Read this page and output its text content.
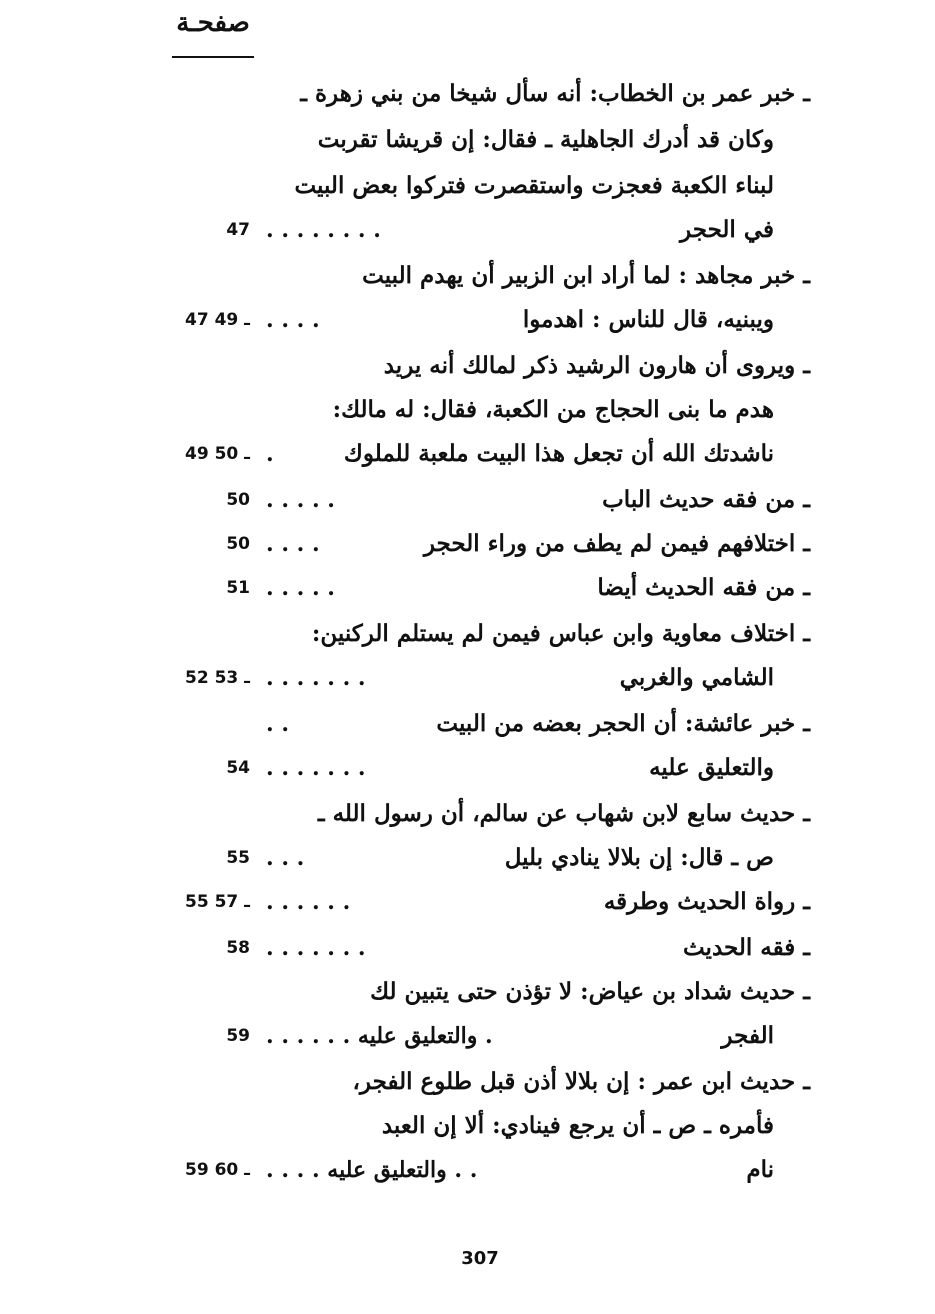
صفحـة
ـ خبر عمر بن الخطاب: أنه سأل شيخا من بني زهرة ـ
وكان قد أدرك الجاهلية ـ فقال: إن قريشا تقربت
لبناء الكعبة فعجزت واستقصرت فتركوا بعض البيت
في الحجر
. . . . . . . .
47
ـ خبر مجاهد : لما أراد ابن الزبير أن يهدم البيت
ويبنيه، قال للناس : اهدموا
. . . .
47 ـ 49
ـ ويروى أن هارون الرشيد ذكر لمالك أنه يريد
هدم ما بنى الحجاج من الكعبة، فقال: له مالك:
ناشدتك الله أن تجعل هذا البيت ملعبة للملوك
.
49 ـ 50
ـ من فقه حديث الباب
. . . . .
50
ـ اختلافهم فيمن لم يطف من وراء الحجر
. . . .
50
ـ من فقه الحديث أيضا
. . . . .
51
ـ اختلاف معاوية وابن عباس فيمن لم يستلم الركنين:
الشامي والغربي
. . . . . . .
52 ـ 53
ـ خبر عائشة: أن الحجر بعضه من البيت
. .
والتعليق عليه
. . . . . . .
54
ـ حديث سابع لابن شهاب عن سالم، أن رسول الله ـ
ص ـ قال: إن بلالا ينادي بليل
. . .
55
ـ رواة الحديث وطرقه
. . . . . .
55 ـ 57
ـ فقه الحديث
. . . . . . .
58
ـ حديث شداد بن عياض: لا تؤذن حتى يتبين لك
الفجر
. . . . . . والتعليق عليه .
59
ـ حديث ابن عمر : إن بلالا أذن قبل طلوع الفجر،
فأمره ـ ص ـ أن يرجع فينادي: ألا إن العبد
نام
. . . . والتعليق عليه . .
59 ـ 60
307
